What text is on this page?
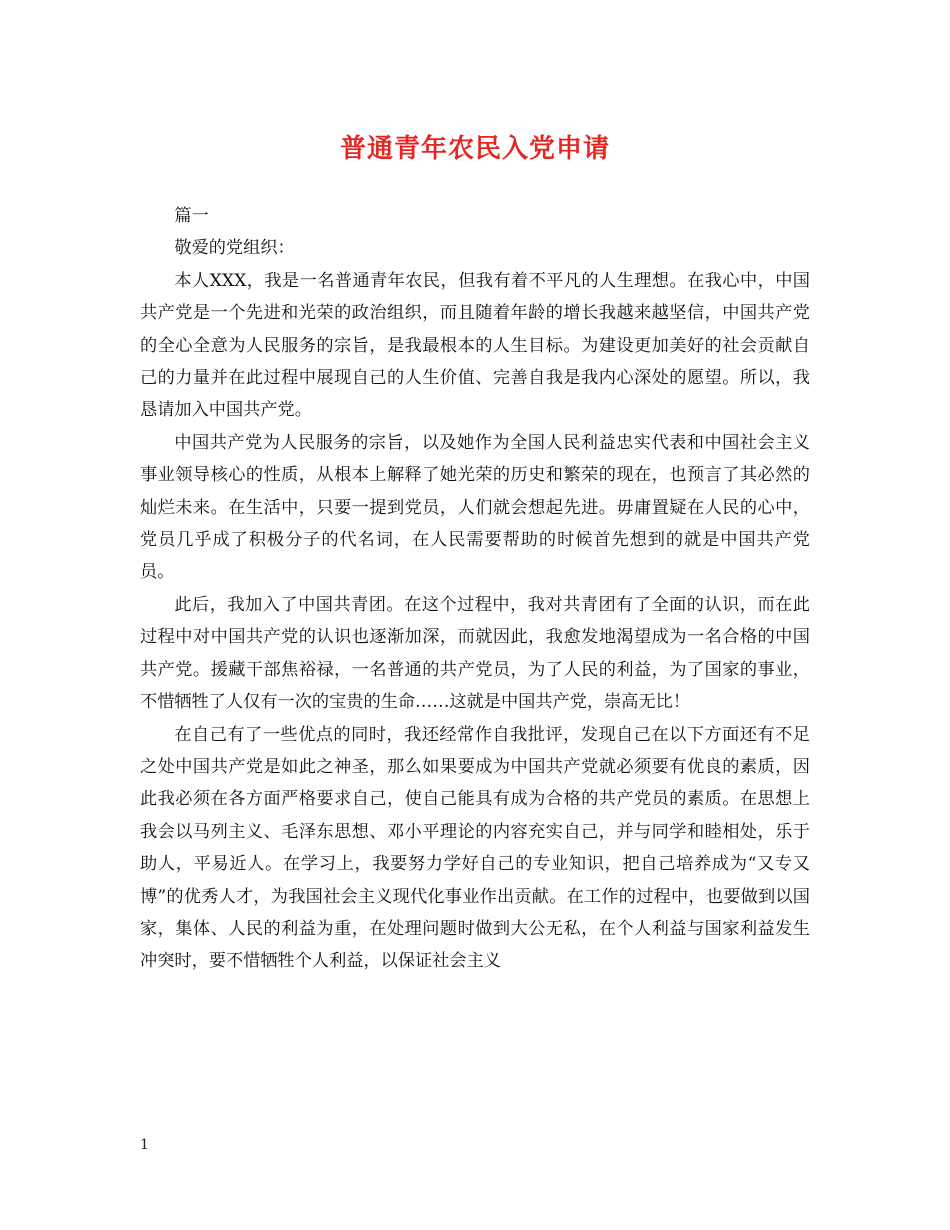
普通青年农民入党申请

篇一

敬爱的党组织：

本人XXX，我是一名普通青年农民，但我有着不平凡的人生理想。在我心中，中国共产党是一个先进和光荣的政治组织，而且随着年龄的增长我越来越坚信，中国共产党的全心全意为人民服务的宗旨，是我最根本的人生目标。为建设更加美好的社会贡献自己的力量并在此过程中展现自己的人生价值、完善自我是我内心深处的愿望。所以，我恳请加入中国共产党。

中国共产党为人民服务的宗旨，以及她作为全国人民利益忠实代表和中国社会主义事业领导核心的性质，从根本上解释了她光荣的历史和繁荣的现在，也预言了其必然的灿烂未来。在生活中，只要一提到党员，人们就会想起先进。毋庸置疑在人民的心中，党员几乎成了积极分子的代名词，在人民需要帮助的时候首先想到的就是中国共产党员。

此后，我加入了中国共青团。在这个过程中，我对共青团有了全面的认识，而在此过程中对中国共产党的认识也逐渐加深，而就因此，我愈发地渴望成为一名合格的中国共产党。援藏干部焦裕禄，一名普通的共产党员，为了人民的利益，为了国家的事业，不惜牺牲了人仅有一次的宝贵的生命……这就是中国共产党，崇高无比！

在自己有了一些优点的同时，我还经常作自我批评，发现自己在以下方面还有不足之处中国共产党是如此之神圣，那么如果要成为中国共产党就必须要有优良的素质，因此我必须在各方面严格要求自己，使自己能具有成为合格的共产党员的素质。在思想上我会以马列主义、毛泽东思想、邓小平理论的内容充实自己，并与同学和睦相处，乐于助人，平易近人。在学习上，我要努力学好自己的专业知识，把自己培养成为“又专又博”的优秀人才，为我国社会主义现代化事业作出贡献。在工作的过程中，也要做到以国家，集体、人民的利益为重，在处理问题时做到大公无私，在个人利益与国家利益发生冲突时，要不惜牺牲个人利益，以保证社会主义

1
